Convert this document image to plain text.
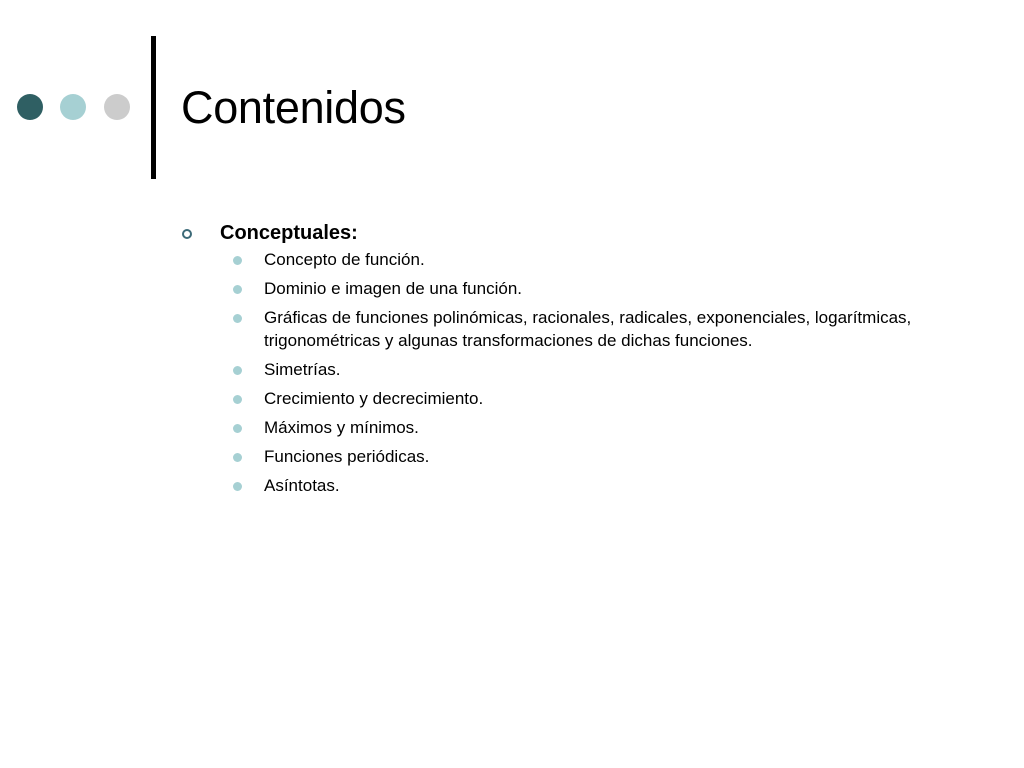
Contenidos

Conceptuales:

Concepto de función.
Dominio e imagen de una función.
Gráficas de funciones polinómicas, racionales, radicales, exponenciales, logarítmicas, trigonométricas y algunas transformaciones de dichas funciones.
Simetrías.
Crecimiento y decrecimiento.
Máximos y mínimos.
Funciones periódicas.
Asíntotas.
